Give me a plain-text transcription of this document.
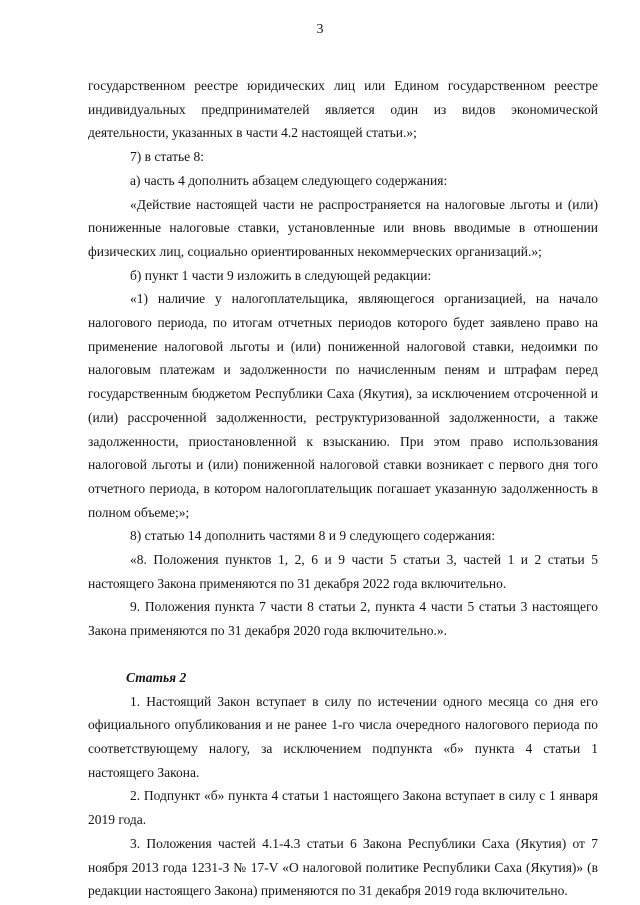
3

государственном реестре юридических лиц или Едином государственном реестре индивидуальных предпринимателей является один из видов экономической деятельности, указанных в части 4.2 настоящей статьи.»;

7) в статье 8:

а) часть 4 дополнить абзацем следующего содержания:

«Действие настоящей части не распространяется на налоговые льготы и (или) пониженные налоговые ставки, установленные или вновь вводимые в отношении физических лиц, социально ориентированных некоммерческих организаций.»;

б) пункт 1 части 9 изложить в следующей редакции:

«1) наличие у налогоплательщика, являющегося организацией, на начало налогового периода, по итогам отчетных периодов которого будет заявлено право на применение налоговой льготы и (или) пониженной налоговой ставки, недоимки по налоговым платежам и задолженности по начисленным пеням и штрафам перед государственным бюджетом Республики Саха (Якутия), за исключением отсроченной и (или) рассроченной задолженности, реструктуризованной задолженности, а также задолженности, приостановленной к взысканию. При этом право использования налоговой льготы и (или) пониженной налоговой ставки возникает с первого дня того отчетного периода, в котором налогоплательщик погашает указанную задолженность в полном объеме;»;

8) статью 14 дополнить частями 8 и 9 следующего содержания:

«8. Положения пунктов 1, 2, 6 и 9 части 5 статьи 3, частей 1 и 2 статьи 5 настоящего Закона применяются по 31 декабря 2022 года включительно.

9. Положения пункта 7 части 8 статьи 2, пункта 4 части 5 статьи 3 настоящего Закона применяются по 31 декабря 2020 года включительно.».

Статья 2

1. Настоящий Закон вступает в силу по истечении одного месяца со дня его официального опубликования и не ранее 1-го числа очередного налогового периода по соответствующему налогу, за исключением подпункта «б» пункта 4 статьи 1 настоящего Закона.

2. Подпункт «б» пункта 4 статьи 1 настоящего Закона вступает в силу с 1 января 2019 года.

3. Положения частей 4.1-4.3 статьи 6 Закона Республики Саха (Якутия) от 7 ноября 2013 года 1231-З № 17-V «О налоговой политике Республики Саха (Якутия)» (в редакции настоящего Закона) применяются по 31 декабря 2019 года включительно.
